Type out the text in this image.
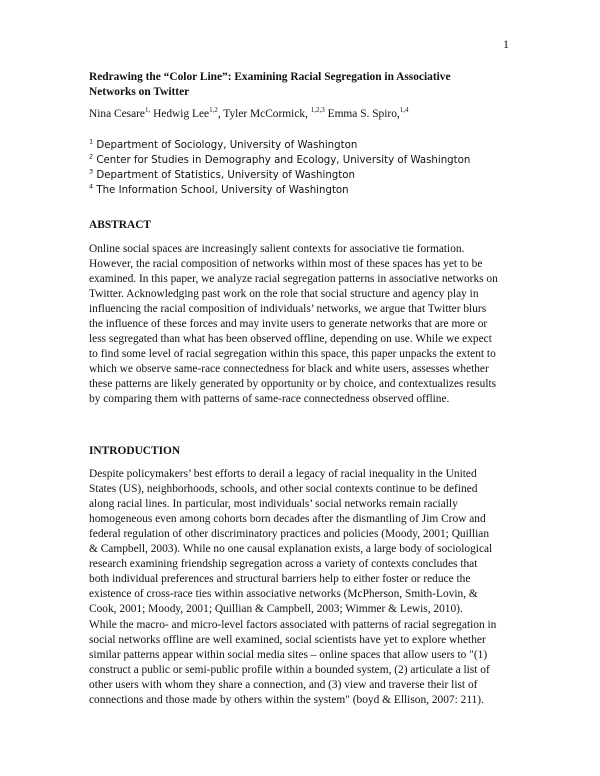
1
Redrawing the “Color Line”: Examining Racial Segregation in Associative
Networks on Twitter
Nina Cesare$^{1,}$ Hedwig Lee$^{1,2}$, Tyler McCormick, $^{1,2,3}$ Emma S. Spiro,$^{1,4}$
$^1$ Department of Sociology, University of Washington
$^2$ Center for Studies in Demography and Ecology, University of Washington
$^3$ Department of Statistics, University of Washington
$^4$ The Information School, University of Washington
ABSTRACT
Online social spaces are increasingly salient contexts for associative tie formation.
However, the racial composition of networks within most of these spaces has yet to be
examined. In this paper, we analyze racial segregation patterns in associative networks on
Twitter. Acknowledging past work on the role that social structure and agency play in
influencing the racial composition of individuals’ networks, we argue that Twitter blurs
the influence of these forces and may invite users to generate networks that are more or
less segregated than what has been observed offline, depending on use. While we expect
to find some level of racial segregation within this space, this paper unpacks the extent to
which we observe same-race connectedness for black and white users, assesses whether
these patterns are likely generated by opportunity or by choice, and contextualizes results
by comparing them with patterns of same-race connectedness observed offline.
INTRODUCTION
Despite policymakers’ best efforts to derail a legacy of racial inequality in the United
States (US), neighborhoods, schools, and other social contexts continue to be defined
along racial lines. In particular, most individuals’ social networks remain racially
homogeneous even among cohorts born decades after the dismantling of Jim Crow and
federal regulation of other discriminatory practices and policies (Moody, 2001; Quillian
& Campbell, 2003). While no one causal explanation exists, a large body of sociological
research examining friendship segregation across a variety of contexts concludes that
both individual preferences and structural barriers help to either foster or reduce the
existence of cross-race ties within associative networks (McPherson, Smith-Lovin, &
Cook, 2001; Moody, 2001; Quillian & Campbell, 2003; Wimmer & Lewis, 2010).
While the macro- and micro-level factors associated with patterns of racial segregation in
social networks offline are well examined, social scientists have yet to explore whether
similar patterns appear within social media sites – online spaces that allow users to "(1)
construct a public or semi-public profile within a bounded system, (2) articulate a list of
other users with whom they share a connection, and (3) view and traverse their list of
connections and those made by others within the system" (boyd & Ellison, 2007: 211).
